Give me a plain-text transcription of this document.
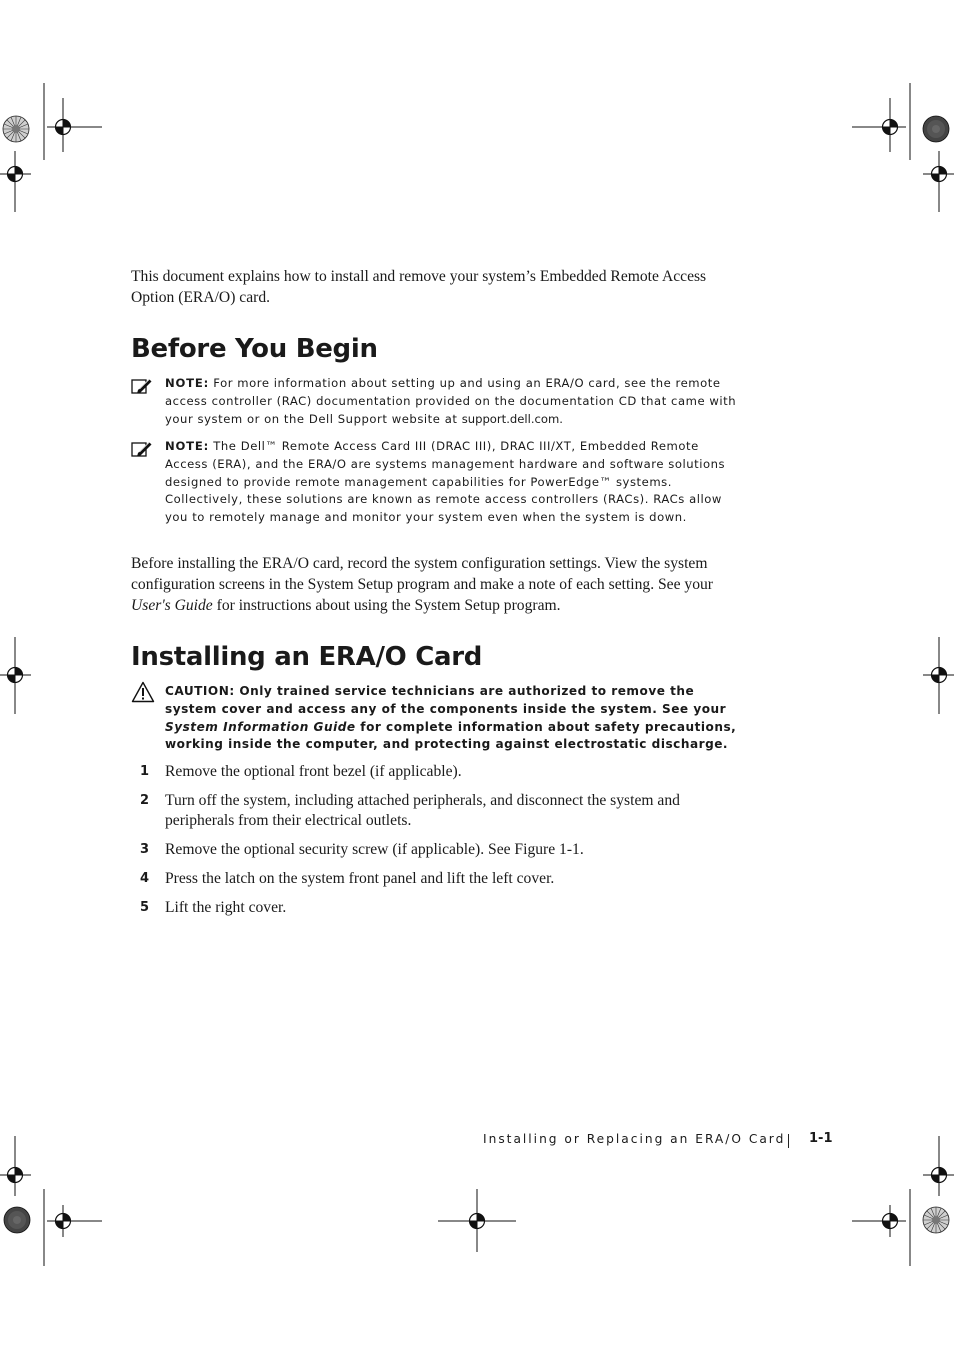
This document explains how to install and remove your system’s Embedded Remote Access Option (ERA/O) card.
Before You Begin
NOTE: For more information about setting up and using an ERA/O card, see the remote access controller (RAC) documentation provided on the documentation CD that came with your system or on the Dell Support website at support.dell.com.
NOTE: The Dell™ Remote Access Card III (DRAC III), DRAC III/XT, Embedded Remote Access (ERA), and the ERA/O are systems management hardware and software solutions designed to provide remote management capabilities for PowerEdge™ systems. Collectively, these solutions are known as remote access controllers (RACs). RACs allow you to remotely manage and monitor your system even when the system is down.
Before installing the ERA/O card, record the system configuration settings. View the system configuration screens in the System Setup program and make a note of each setting. See your User's Guide for instructions about using the System Setup program.
Installing an ERA/O Card
CAUTION: Only trained service technicians are authorized to remove the system cover and access any of the components inside the system. See your System Information Guide for complete information about safety precautions, working inside the computer, and protecting against electrostatic discharge.
1 Remove the optional front bezel (if applicable).
2 Turn off the system, including attached peripherals, and disconnect the system and peripherals from their electrical outlets.
3 Remove the optional security screw (if applicable). See Figure 1-1.
4 Press the latch on the system front panel and lift the left cover.
5 Lift the right cover.
Installing or Replacing an ERA/O Card 1-1
